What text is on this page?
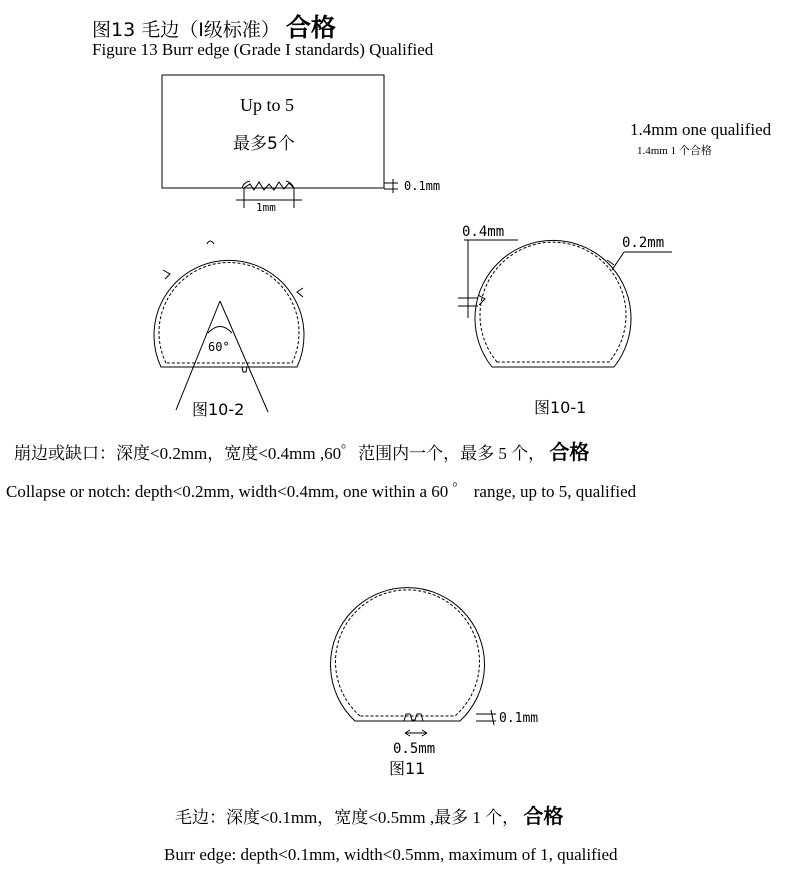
图13 毛边（Ⅰ级标准） 合格
Figure 13 Burr edge (Grade I standards) Qualified
Up to 5
最多5个
1.4mm one qualified
1.4mm 1 个合格
图10-2	图10-1
崩边或缺口：深度<0.2mm，宽度<0.4mm ,60゜范围内一个，最多 5 个， 合格
Collapse or notch: depth<0.2mm, width<0.4mm, one within a 60 ゜ range, up to 5, qualified
图11
毛边：深度<0.1mm，宽度<0.5mm ,最多 1 个， 合格
Burr edge: depth<0.1mm, width<0.5mm, maximum of 1, qualified
1mm
0.1mm
60°
0.4mm
0.2mm
0.1mm
0.5mm
